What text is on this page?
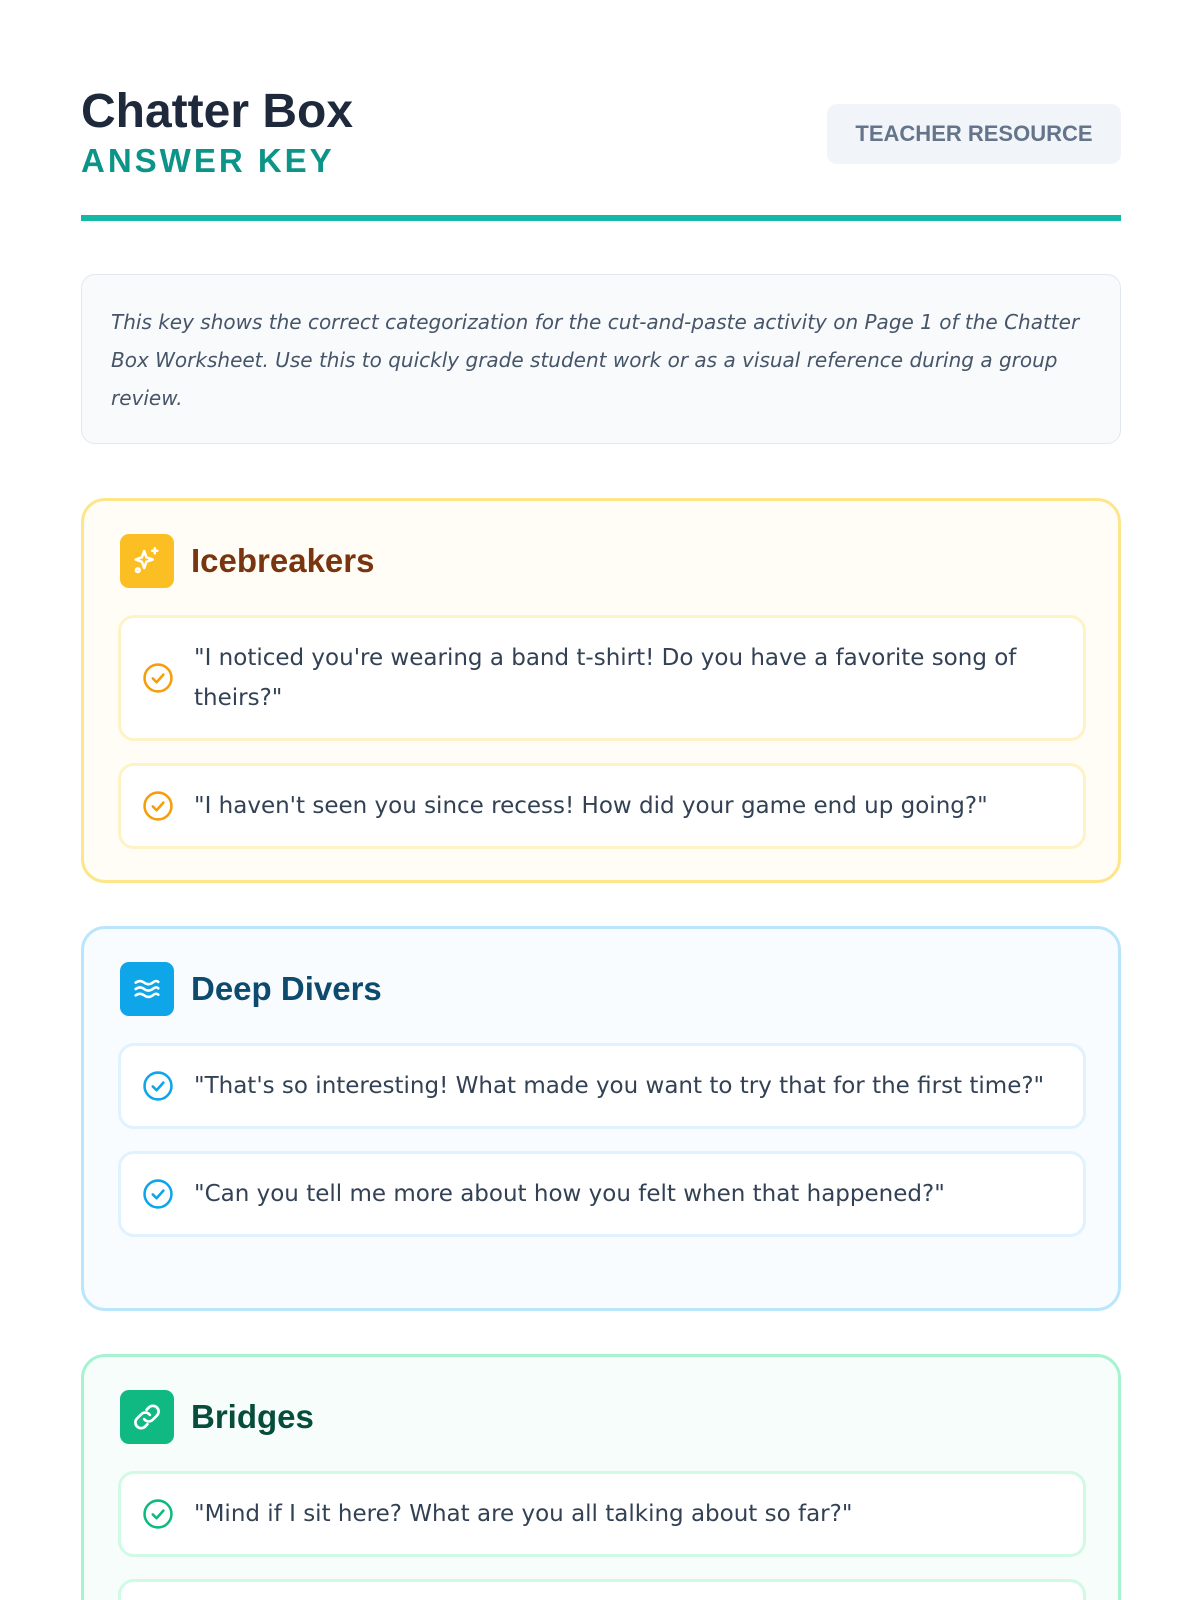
Chatter Box
ANSWER KEY
TEACHER RESOURCE
This key shows the correct categorization for the cut-and-paste activity on Page 1 of the Chatter Box Worksheet. Use this to quickly grade student work or as a visual reference during a group review.
Icebreakers
"I noticed you're wearing a band t-shirt! Do you have a favorite song of theirs?"
"I haven't seen you since recess! How did your game end up going?"
Deep Divers
"That's so interesting! What made you want to try that for the first time?"
"Can you tell me more about how you felt when that happened?"
Bridges
"Mind if I sit here? What are you all talking about so far?"
